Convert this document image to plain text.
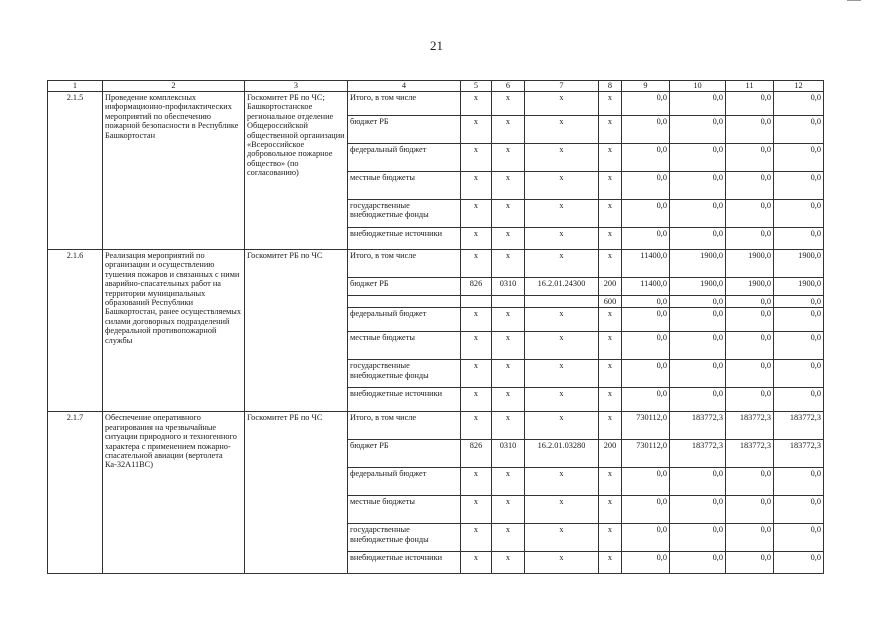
21
1	2	3	4	5	6	7	8	9	10	11	12
2.1.5	Проведение комплексных информационно-профилактических мероприятий по обеспечению пожарной безопасности в Республике Башкортостан	Госкомитет РБ по ЧС; Башкортостанское региональное отделение Общероссийской общественной организации «Всероссийское добровольное пожарное общество» (по согласованию)	Итого, в том числе	x	x	x	x	0,0	0,0	0,0	0,0
			бюджет РБ	x	x	x	x	0,0	0,0	0,0	0,0
			федеральный бюджет	x	x	x	x	0,0	0,0	0,0	0,0
			местные бюджеты	x	x	x	x	0,0	0,0	0,0	0,0
			государственные внебюджетные фонды	x	x	x	x	0,0	0,0	0,0	0,0
			внебюджетные источники	x	x	x	x	0,0	0,0	0,0	0,0
2.1.6	Реализация мероприятий по организации и осуществлению тушения пожаров и связанных с ними аварийно-спасательных работ на территории муниципальных образований Республики Башкортостан, ранее осуществляемых силами договорных подразделений федеральной противопожарной службы	Госкомитет РБ по ЧС	Итого, в том числе	x	x	x	x	11400,0	1900,0	1900,0	1900,0
			бюджет РБ	826	0310	16.2.01.24300	200	11400,0	1900,0	1900,0	1900,0
							600	0,0	0,0	0,0	0,0
			федеральный бюджет	x	x	x	x	0,0	0,0	0,0	0,0
			местные бюджеты	x	x	x	x	0,0	0,0	0,0	0,0
			государственные внебюджетные фонды	x	x	x	x	0,0	0,0	0,0	0,0
			внебюджетные источники	x	x	x	x	0,0	0,0	0,0	0,0
2.1.7	Обеспечение оперативного реагирования на чрезвычайные ситуации природного и техногенного характера с применением пожарно-спасательной авиации (вертолета Ка-32А11ВС)	Госкомитет РБ по ЧС	Итого, в том числе	x	x	x	x	730112,0	183772,3	183772,3	183772,3
			бюджет РБ	826	0310	16.2.01.03280	200	730112,0	183772,3	183772,3	183772,3
			федеральный бюджет	x	x	x	x	0,0	0,0	0,0	0,0
			местные бюджеты	x	x	x	x	0,0	0,0	0,0	0,0
			государственные внебюджетные фонды	x	x	x	x	0,0	0,0	0,0	0,0
			внебюджетные источники	x	x	x	x	0,0	0,0	0,0	0,0
